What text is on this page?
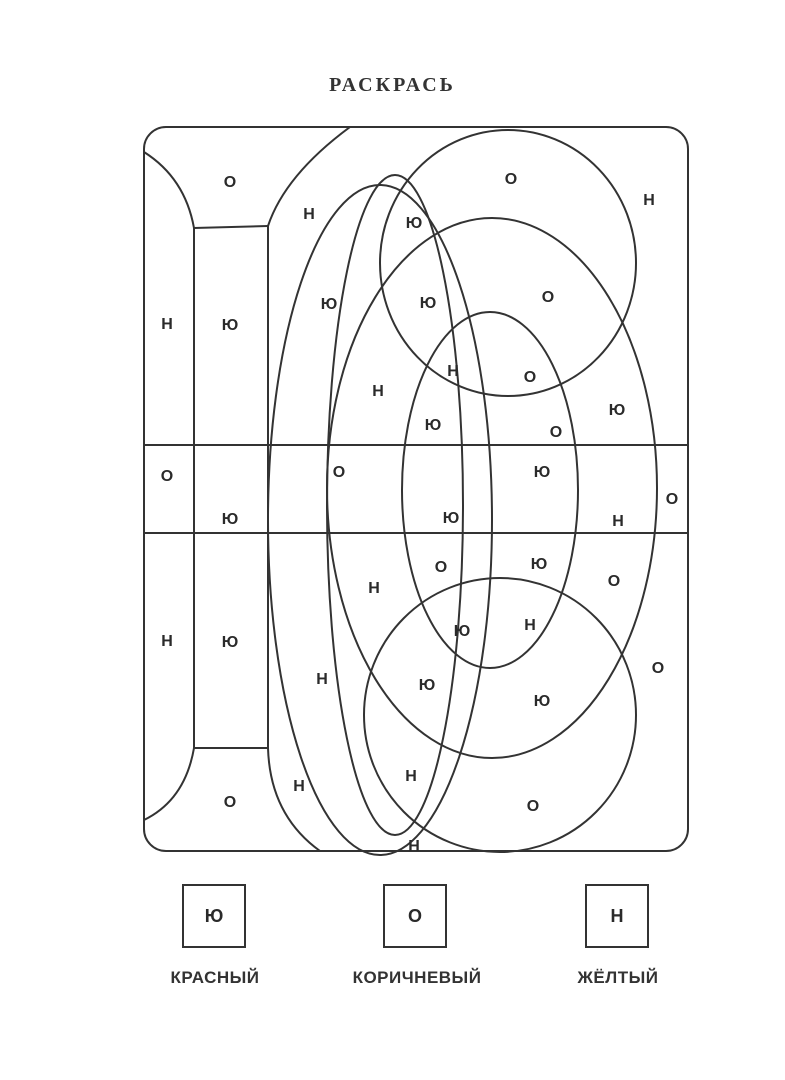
РАСКРАСЬ
О
Н	Ю
О
Ю
Н	Ю
О
Н
О
Н
Ю
Ю	Ю	О
Н
Н	О
Ю
Ю	О
О	Ю
О
Ю	Н
О	Ю
Н	О
Ю	Н
Н	Ю
Ю
О
Н
Н
О
Н
Ю	О	Н
КРАСНЫЙ	КОРИЧНЕВЫЙ	ЖЁЛТЫЙ
